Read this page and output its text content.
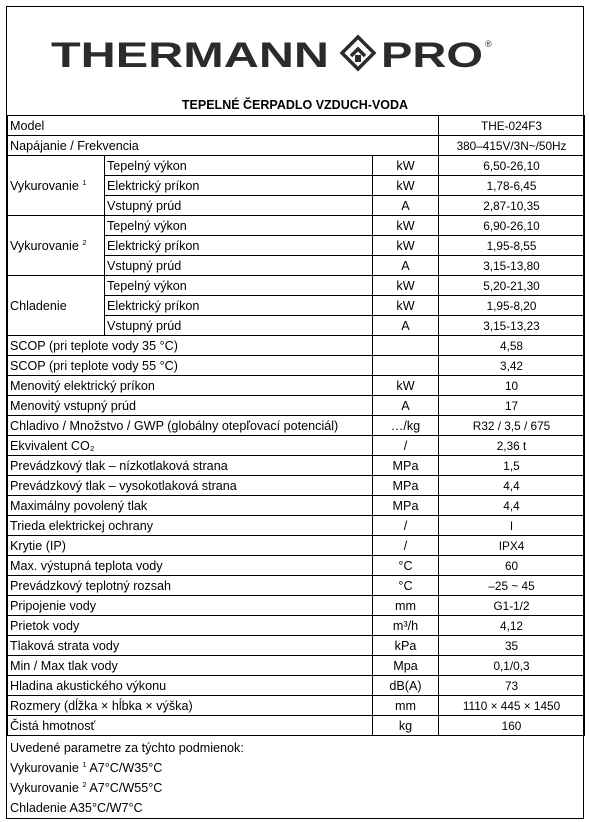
THERMANN PRO ®
TEPELNÉ ČERPADLO VZDUCH-VODA
Model			THE-024F3
Napájanie / Frekvencia			380–415V/3N~/50Hz
Vykurovanie $^1$	Tepelný výkon	kW	6,50-26,10
	Elektrický príkon	kW	1,78-6,45
	Vstupný prúd	A	2,87-10,35
Vykurovanie $^2$	Tepelný výkon	kW	6,90-26,10
	Elektrický príkon	kW	1,95-8,55
	Vstupný prúd	A	3,15-13,80
Chladenie	Tepelný výkon	kW	5,20-21,30
	Elektrický príkon	kW	1,95-8,20
	Vstupný prúd	A	3,15-13,23
SCOP (pri teplote vody 35 °C)			4,58
SCOP (pri teplote vody 55 °C)			3,42
Menovitý elektrický príkon		kW	10
Menovitý vstupný prúd		A	17
Chladivo / Množstvo / GWP (globálny otepľovací potenciál)		…/kg	R32 / 3,5 / 675
Ekvivalent CO₂		/	2,36 t
Prevádzkový tlak – nízkotlaková strana		MPa	1,5
Prevádzkový tlak – vysokotlaková strana		MPa	4,4
Maximálny povolený tlak		MPa	4,4
Trieda elektrickej ochrany		/	I
Krytie (IP)		/	IPX4
Max. výstupná teplota vody		°C	60
Prevádzkový teplotný rozsah		°C	–25 ~ 45
Pripojenie vody		mm	G1-1/2
Prietok vody		m³/h	4,12
Tlaková strata vody		kPa	35
Min / Max tlak vody		Mpa	0,1/0,3
Hladina akustického výkonu		dB(A)	73
Rozmery (dĺžka × hĺbka × výška)		mm	1110 × 445 × 1450
Čistá hmotnosť		kg	160
Uvedené parametre za týchto podmienok:
Vykurovanie $^1$ A7°C/W35°C
Vykurovanie $^2$ A7°C/W55°C
Chladenie A35°C/W7°C
